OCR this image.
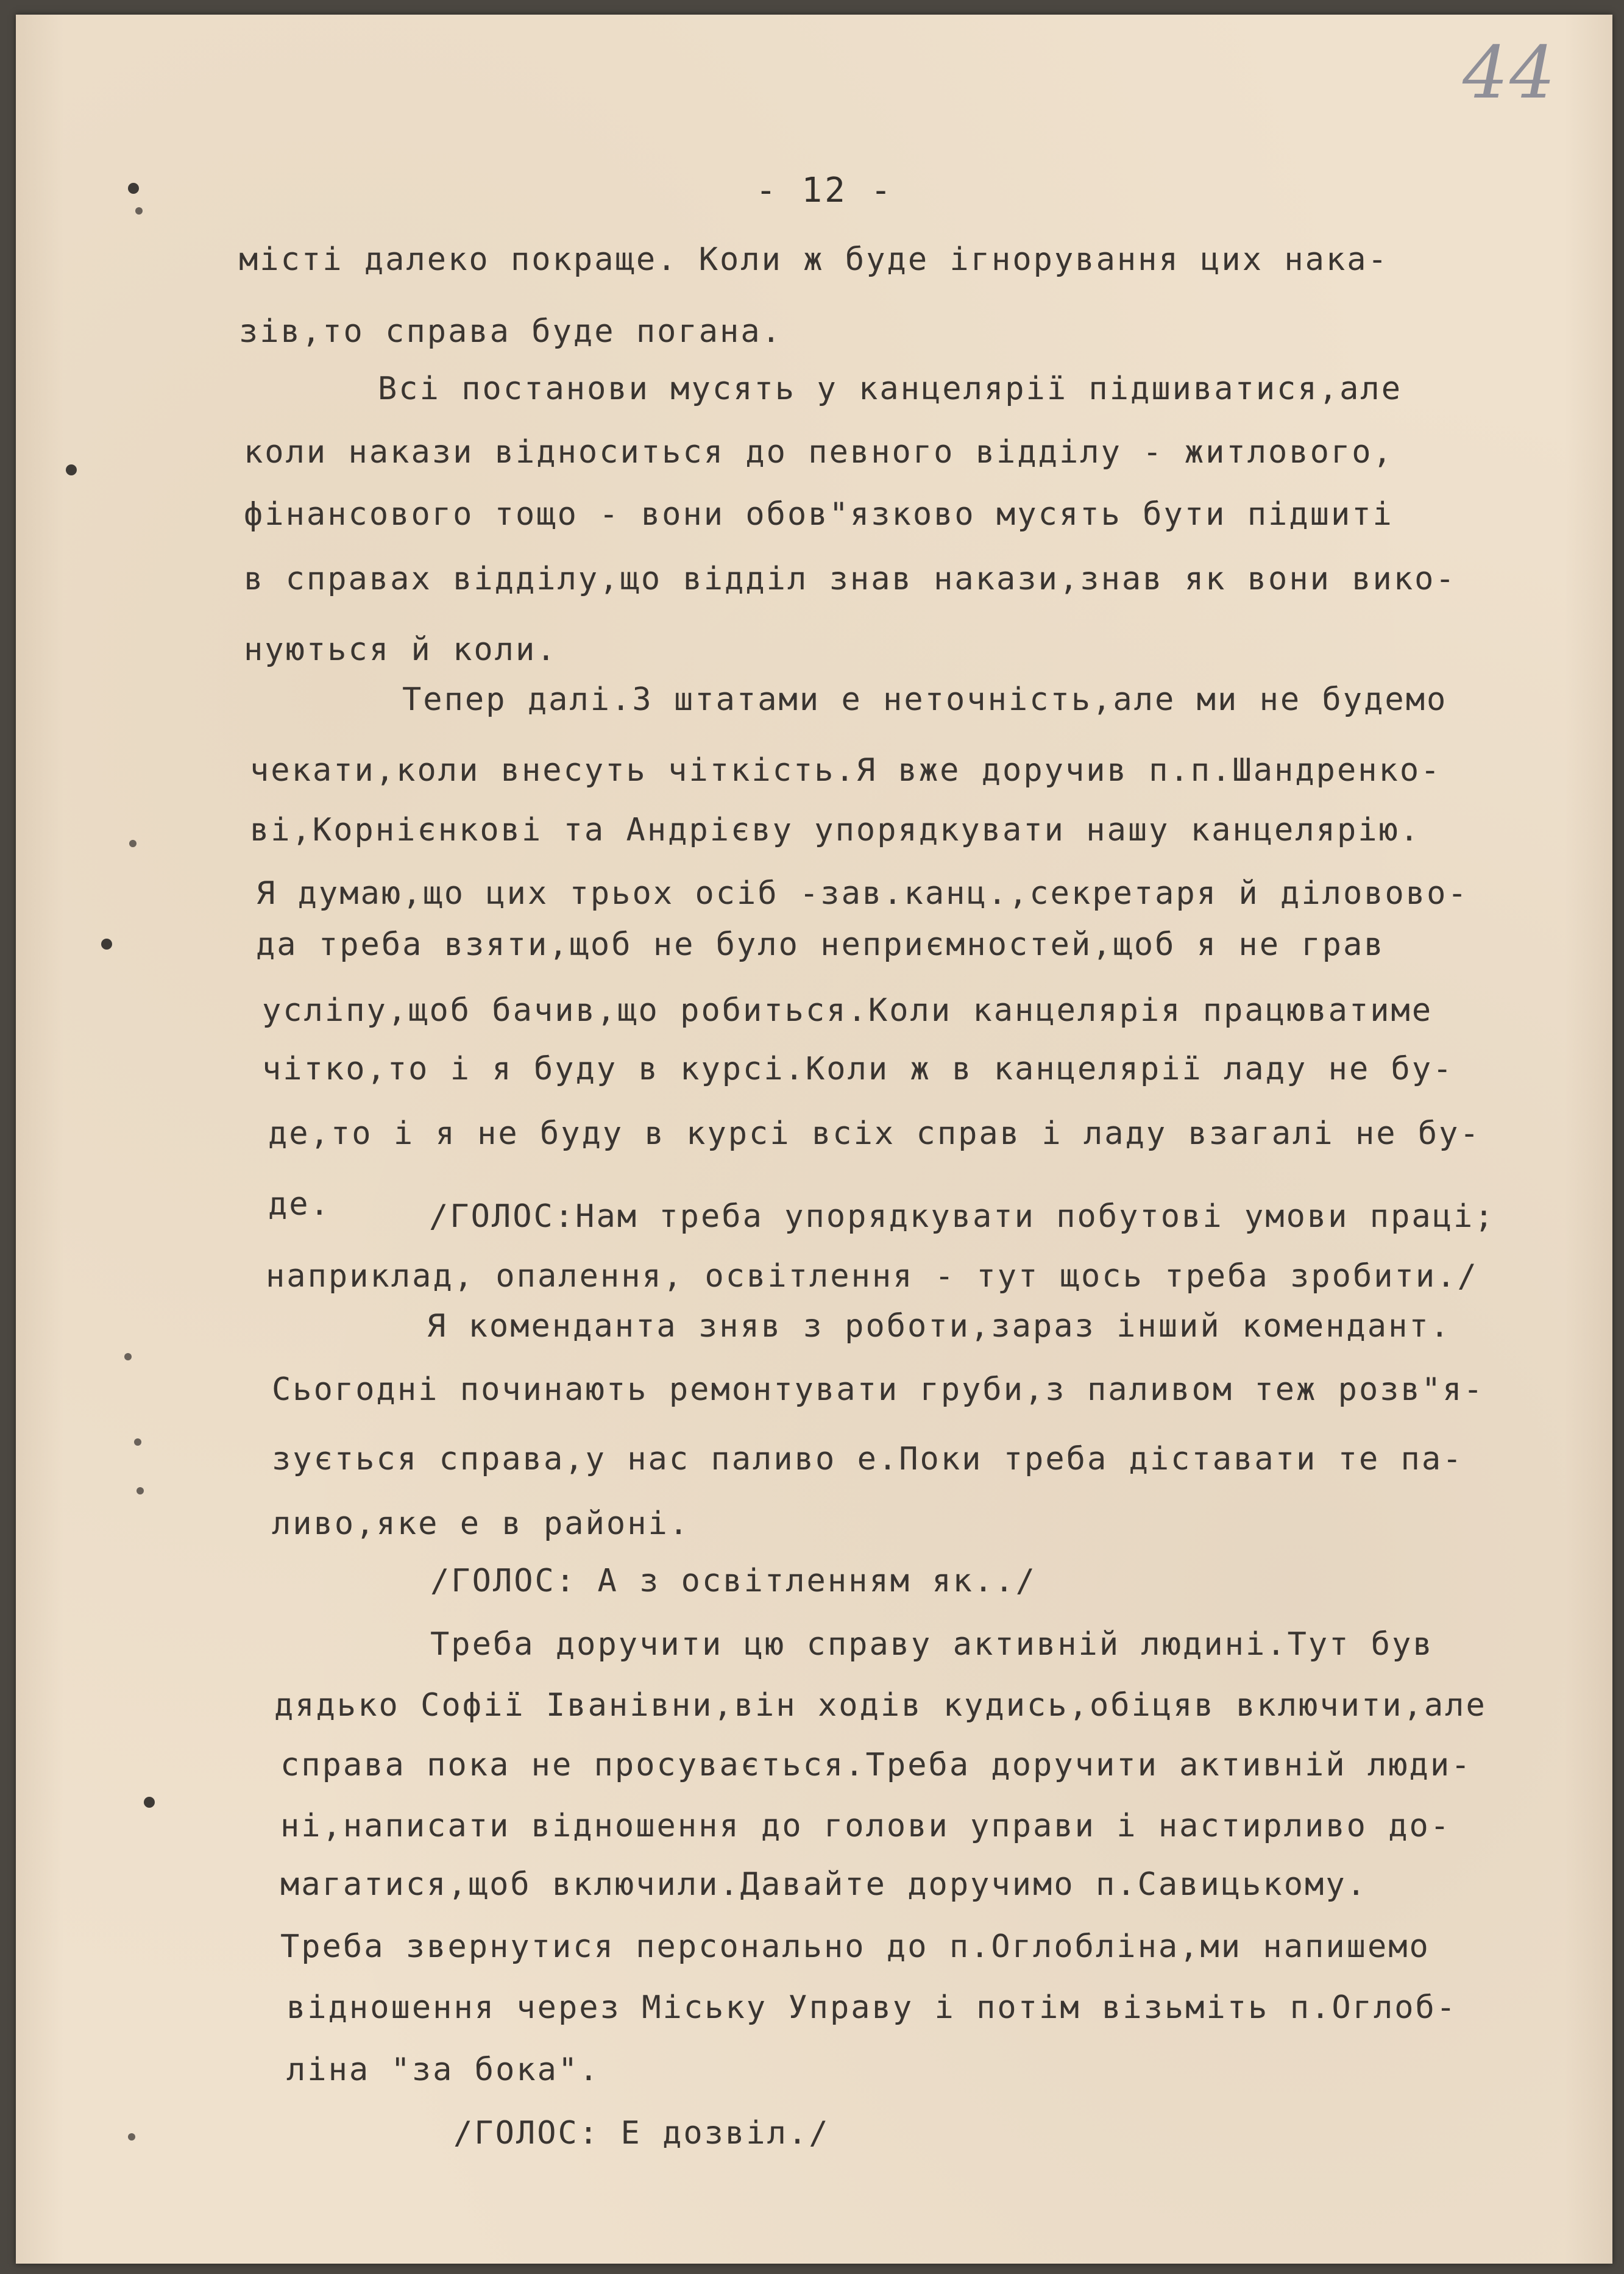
44
- 12 -
місті далеко покраще. Коли ж буде ігнорування цих нака-
зів,то справа буде погана.
Всі постанови мусять у канцелярії підшиватися,але
коли накази відноситься до певного відділу - житлового,
фінансового тощо - вони обов"язково мусять бути підшиті
в справах відділу,що відділ знав накази,знав як вони вико-
нуються й коли.
Тепер далі.З штатами е неточність,але ми не будемо
чекати,коли внесуть чіткість.Я вже доручив п.п.Шандренко-
ві,Корнієнкові та Андрієву упорядкувати нашу канцелярію.
Я думаю,що цих трьох осіб -зав.канц.,секретаря й діловово-
да треба взяти,щоб не було неприємностей,щоб я не грав
усліпу,щоб бачив,що робиться.Коли канцелярія працюватиме
чітко,то і я буду в курсі.Коли ж в канцелярії ладу не бу-
де,то і я не буду в курсі всіх справ і ладу взагалі не бу-
де.	/ГОЛОС:Нам треба упорядкувати побутові умови праці;
наприклад, опалення, освітлення - тут щось треба зробити./
Я коменданта зняв з роботи,зараз інший комендант.
Сьогодні починають ремонтувати груби,з паливом теж розв"я-
зується справа,у нас паливо е.Поки треба діставати те па-
ливо,яке е в районі.
/ГОЛОС: А з освітленням як../
Треба доручити цю справу активній людині.Тут був
дядько Софії Іванівни,він ходів кудись,обіцяв включити,але
справа пока не просувається.Треба доручити активній люди-
ні,написати відношення до голови управи і настирливо до-
магатися,щоб включили.Давайте доручимо п.Савицькому.
Треба звернутися персонально до п.Оглобліна,ми напишемо
відношення через Міську Управу і потім візьміть п.Оглоб-
ліна "за бока".
/ГОЛОС: Е дозвіл./
